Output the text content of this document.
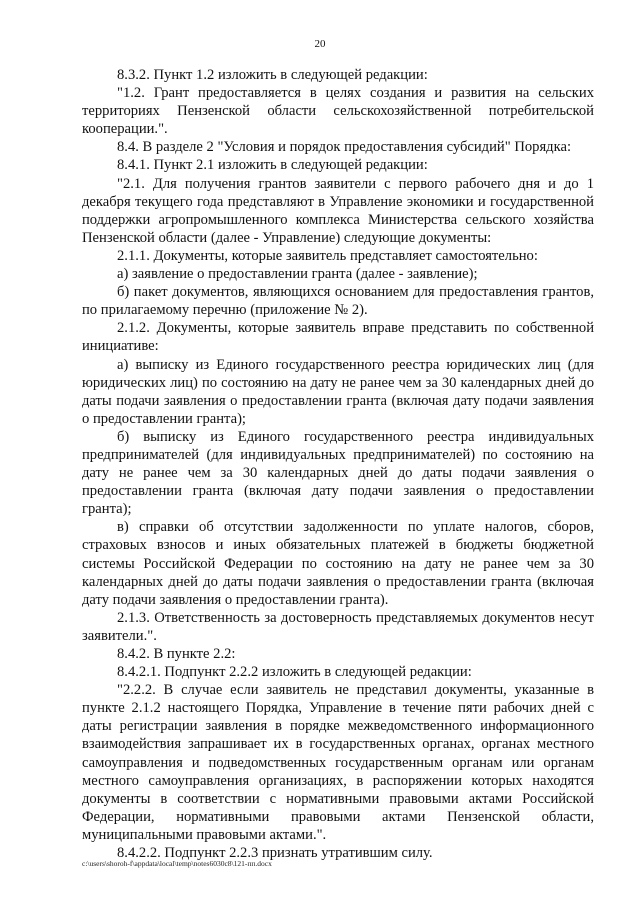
20

8.3.2. Пункт 1.2 изложить в следующей редакции:

"1.2. Грант предоставляется в целях создания и развития на сельских территориях Пензенской области сельскохозяйственной потребительской кооперации.".

8.4. В разделе 2 "Условия и порядок предоставления субсидий" Порядка:

8.4.1. Пункт 2.1 изложить в следующей редакции:

"2.1. Для получения грантов заявители с первого рабочего дня и до 1 декабря текущего года представляют в Управление экономики и государственной поддержки агропромышленного комплекса Министерства сельского хозяйства Пензенской области (далее - Управление) следующие документы:

2.1.1. Документы, которые заявитель представляет самостоятельно:

а) заявление о предоставлении гранта (далее - заявление);

б) пакет документов, являющихся основанием для предоставления грантов, по прилагаемому перечню (приложение № 2).

2.1.2. Документы, которые заявитель вправе представить по собственной инициативе:

а) выписку из Единого государственного реестра юридических лиц (для юридических лиц) по состоянию на дату не ранее чем за 30 календарных дней до даты подачи заявления о предоставлении гранта (включая дату подачи заявления о предоставлении гранта);

б) выписку из Единого государственного реестра индивидуальных предпринимателей (для индивидуальных предпринимателей) по состоянию на дату не ранее чем за 30 календарных дней до даты подачи заявления о предоставлении гранта (включая дату подачи заявления о предоставлении гранта);

в) справки об отсутствии задолженности по уплате налогов, сборов, страховых взносов и иных обязательных платежей в бюджеты бюджетной системы Российской Федерации по состоянию на дату не ранее чем за 30 календарных дней до даты подачи заявления о предоставлении гранта (включая дату подачи заявления о предоставлении гранта).

2.1.3. Ответственность за достоверность представляемых документов несут заявители.".

8.4.2. В пункте 2.2:

8.4.2.1. Подпункт 2.2.2 изложить в следующей редакции:

"2.2.2. В случае если заявитель не представил документы, указанные в пункте 2.1.2 настоящего Порядка, Управление в течение пяти рабочих дней с даты регистрации заявления в порядке межведомственного информационного взаимодействия запрашивает их в государственных органах, органах местного самоуправления и подведомственных государственным органам или органам местного самоуправления организациях, в распоряжении которых находятся документы в соответствии с нормативными правовыми актами Российской Федерации, нормативными правовыми актами Пензенской области, муниципальными правовыми актами.".

8.4.2.2. Подпункт 2.2.3 признать утратившим силу.

c:\users\shoroh-f\appdata\local\temp\notes6030c8\121-пп.docx
